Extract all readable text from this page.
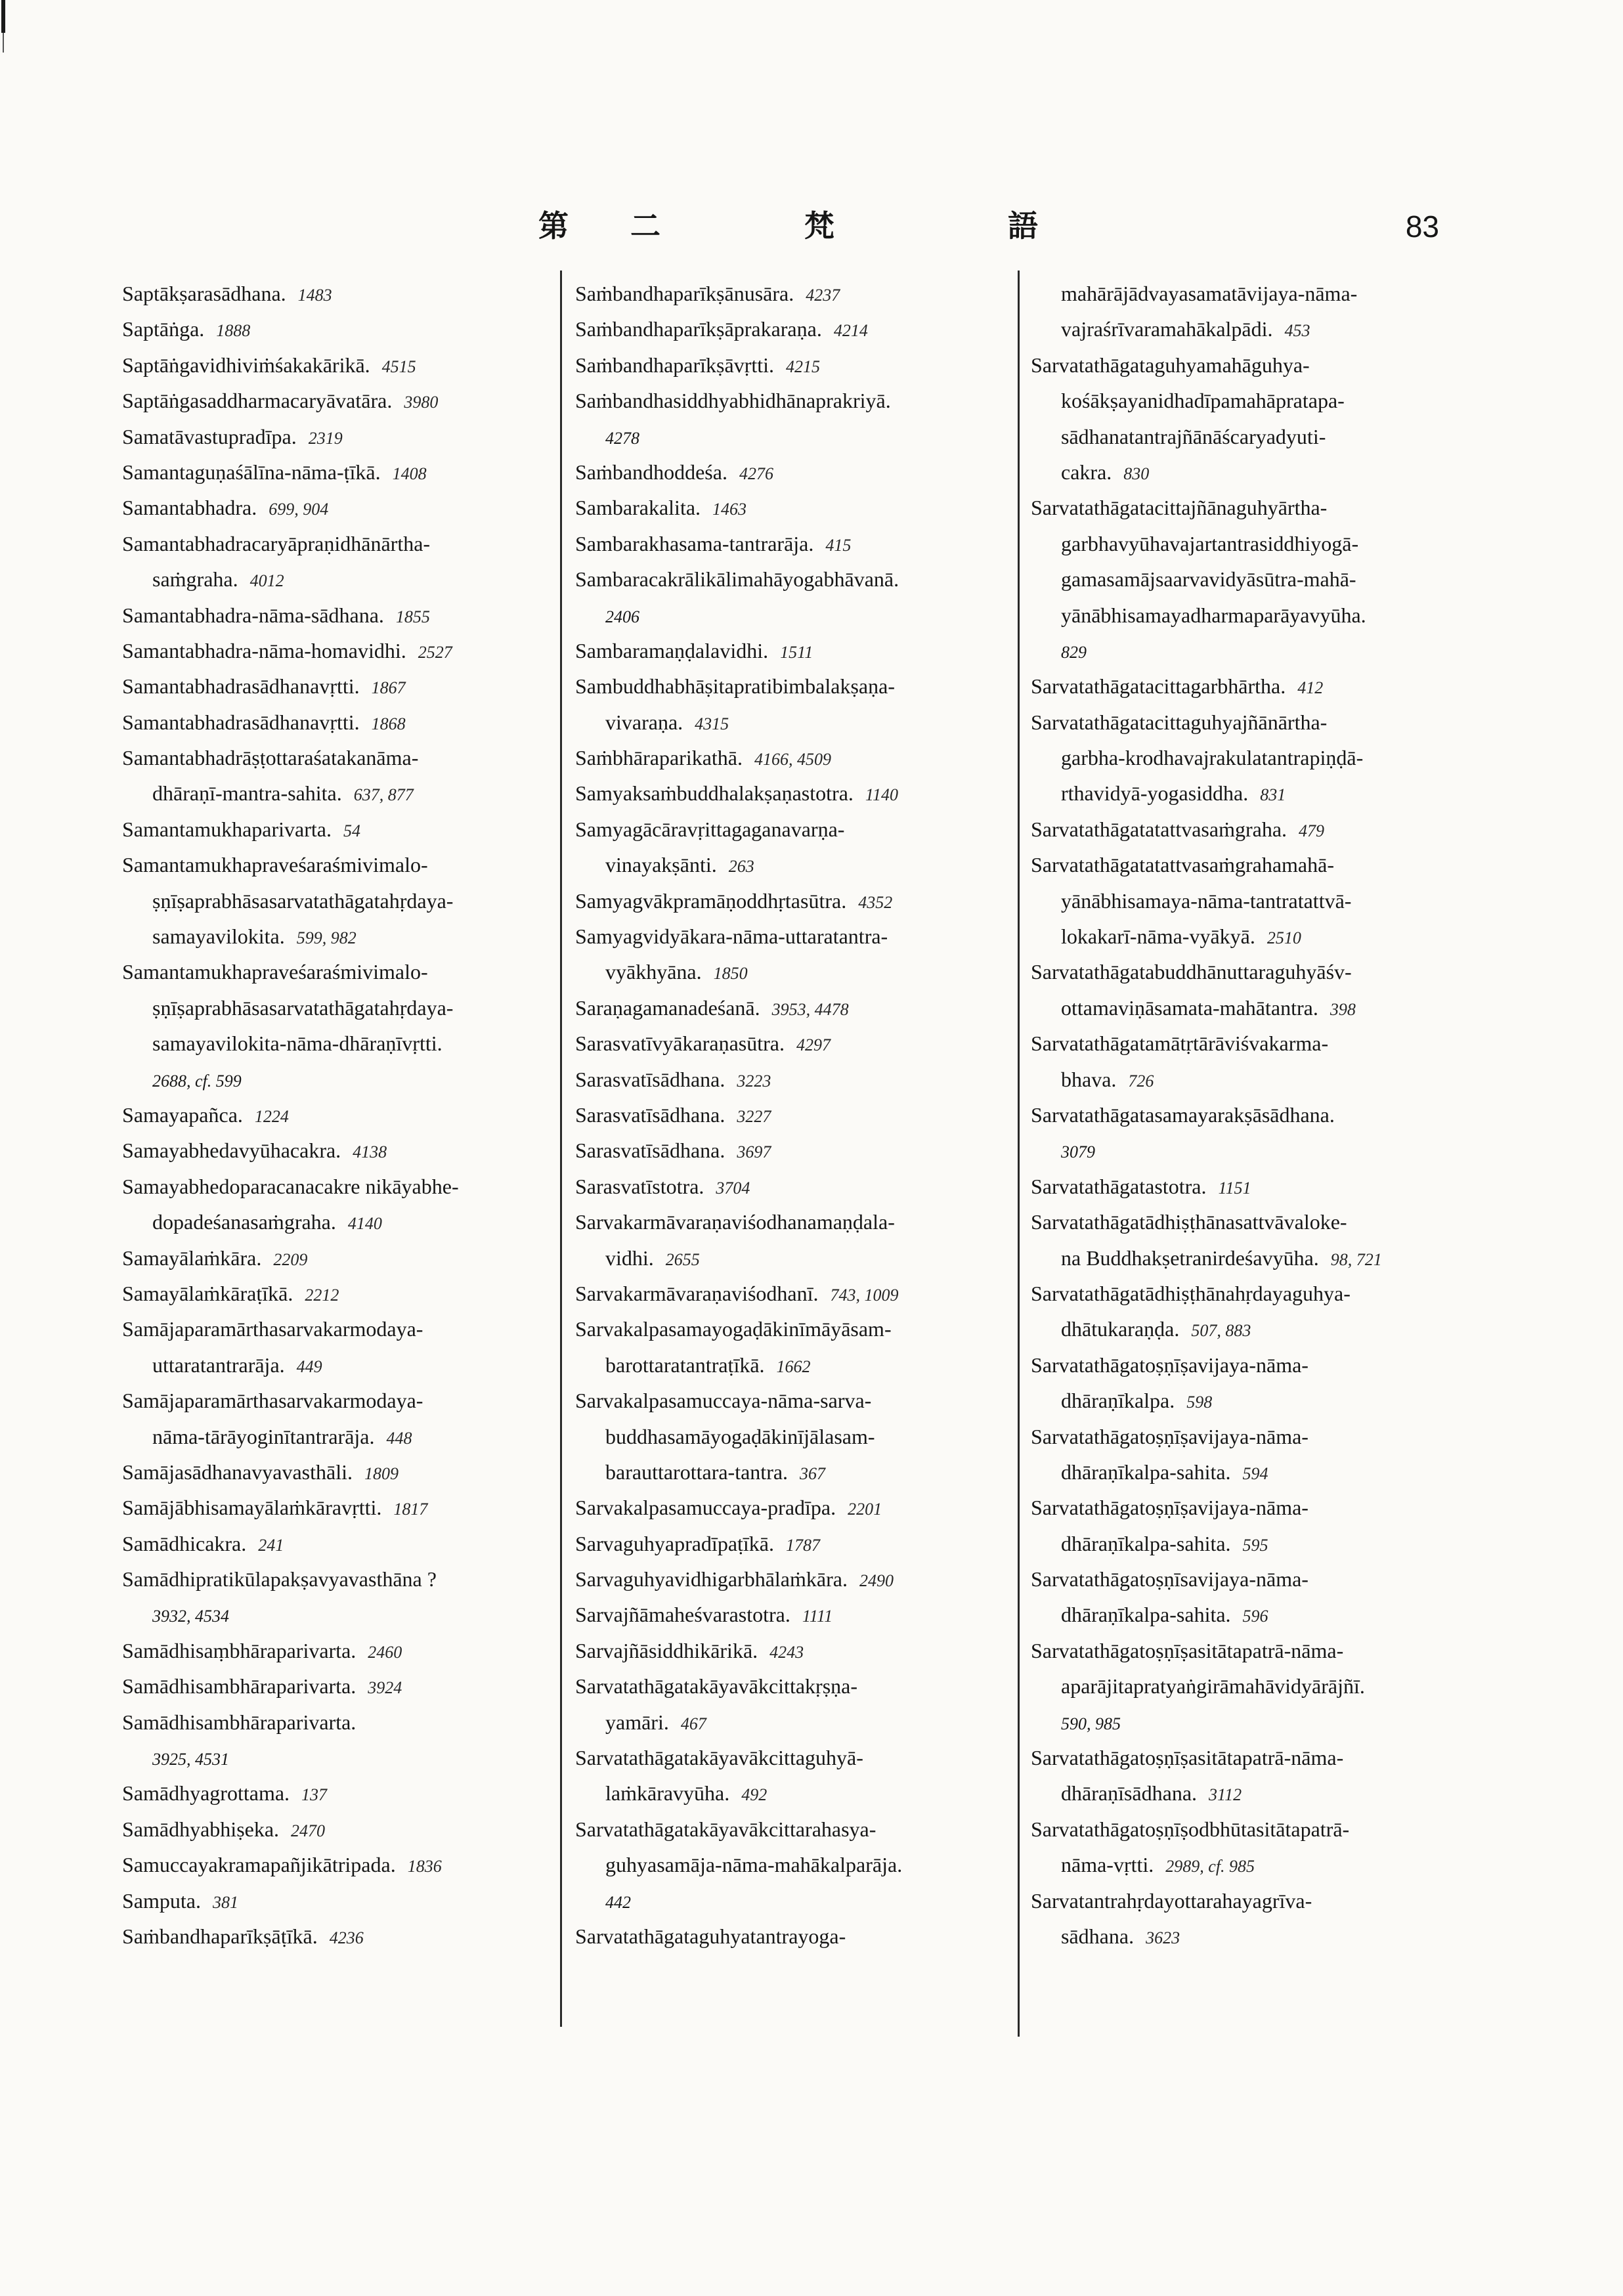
第 二	梵	語	83
Saptākṣarasādhana. 1483
Saptāṅga. 1888
Saptāṅgavidhiviṁśakakārikā. 4515
Saptāṅgasaddharmacaryāvatāra. 3980
Samatāvastupradīpa. 2319
Samantaguṇaśālīna-nāma-ṭīkā. 1408
Samantabhadra. 699, 904
Samantabhadracaryāpraṇidhānārtha-
saṁgraha. 4012
Samantabhadra-nāma-sādhana. 1855
Samantabhadra-nāma-homavidhi. 2527
Samantabhadrasādhanavṛtti. 1867
Samantabhadrasādhanavṛtti. 1868
Samantabhadrāṣṭottaraśatakanāma-
dhāraṇī-mantra-sahita. 637, 877
Samantamukhaparivarta. 54
Samantamukhapraveśaraśmivimalo-
ṣṇīṣaprabhāsasarvatathāgatahṛdaya-
samayavilokita. 599, 982
Samantamukhapraveśaraśmivimalo-
ṣṇīṣaprabhāsasarvatathāgatahṛdaya-
samayavilokita-nāma-dhāraṇīvṛtti.
2688, cf. 599
Samayapañca. 1224
Samayabhedavyūhacakra. 4138
Samayabhedoparacanacakre nikāyabhe-
dopadeśanasaṁgraha. 4140
Samayālaṁkāra. 2209
Samayālaṁkāraṭīkā. 2212
Samājaparamārthasarvakarmodaya-
uttaratantrarāja. 449
Samājaparamārthasarvakarmodaya-
nāma-tārāyoginītantrarāja. 448
Samājasādhanavyavasthāli. 1809
Samājābhisamayālaṁkāravṛtti. 1817
Samādhicakra. 241
Samādhipratikūlapakṣavyavasthāna ?
3932, 4534
Samādhisaṃbhāraparivarta. 2460
Samādhisambhāraparivarta. 3924
Samādhisambhāraparivarta.
3925, 4531
Samādhyagrottama. 137
Samādhyabhiṣeka. 2470
Samuccayakramapañjikātripada. 1836
Samputa. 381
Saṁbandhaparīkṣāṭīkā. 4236
Saṁbandhaparīkṣānusāra. 4237
Saṁbandhaparīkṣāprakaraṇa. 4214
Saṁbandhaparīkṣāvṛtti. 4215
Saṁbandhasiddhyabhidhānaprakriyā.
4278
Saṁbandhoddeśa. 4276
Sambarakalita. 1463
Sambarakhasama-tantrarāja. 415
Sambaracakrālikālimahāyogabhāvanā.
2406
Sambaramaṇḍalavidhi. 1511
Sambuddhabhāṣitapratibimbalakṣaṇa-
vivaraṇa. 4315
Saṁbhāraparikathā. 4166, 4509
Samyaksaṁbuddhalakṣaṇastotra. 1140
Samyagācāravṛittagaganavarṇa-
vinayakṣānti. 263
Samyagvākpramāṇoddhṛtasūtra. 4352
Samyagvidyākara-nāma-uttaratantra-
vyākhyāna. 1850
Saraṇagamanadeśanā. 3953, 4478
Sarasvatīvyākaraṇasūtra. 4297
Sarasvatīsādhana. 3223
Sarasvatīsādhana. 3227
Sarasvatīsādhana. 3697
Sarasvatīstotra. 3704
Sarvakarmāvaraṇaviśodhanamaṇḍala-
vidhi. 2655
Sarvakarmāvaraṇaviśodhanī. 743, 1009
Sarvakalpasamayogaḍākinīmāyāsam-
barottaratantraṭīkā. 1662
Sarvakalpasamuccaya-nāma-sarva-
buddhasamāyogaḍākinījālasam-
barauttarottara-tantra. 367
Sarvakalpasamuccaya-pradīpa. 2201
Sarvaguhyapradīpaṭīkā. 1787
Sarvaguhyavidhigarbhālaṁkāra. 2490
Sarvajñāmaheśvarastotra. 1111
Sarvajñāsiddhikārikā. 4243
Sarvatathāgatakāyavākcittakṛṣṇa-
yamāri. 467
Sarvatathāgatakāyavākcittaguhyā-
laṁkāravyūha. 492
Sarvatathāgatakāyavākcittarahasya-
guhyasamāja-nāma-mahākalparāja.
442
Sarvatathāgataguhyatantrayoga-
mahārājādvayasamatāvijaya-nāma-
vajraśrīvaramahākalpādi. 453
Sarvatathāgataguhyamahāguhya-
kośākṣayanidhadīpamahāpratapa-
sādhanatantrajñānāścaryadyuti-
cakra. 830
Sarvatathāgatacittajñānaguhyārtha-
garbhavyūhavajartantrasiddhiyogā-
gamasamājsaarvavidyāsūtra-mahā-
yānābhisamayadharmaparāyavyūha.
829
Sarvatathāgatacittagarbhārtha. 412
Sarvatathāgatacittaguhyajñānārtha-
garbha-krodhavajrakulatantrapiṇḍā-
rthavidyā-yogasiddha. 831
Sarvatathāgatatattvasaṁgraha. 479
Sarvatathāgatatattvasaṁgrahamahā-
yānābhisamaya-nāma-tantratattvā-
lokakarī-nāma-vyākyā. 2510
Sarvatathāgatabuddhānuttaraguhyāśv-
ottamaviṇāsamata-mahātantra. 398
Sarvatathāgatamātṛtārāviśvakarma-
bhava. 726
Sarvatathāgatasamayarakṣāsādhana.
3079
Sarvatathāgatastotra. 1151
Sarvatathāgatādhiṣṭhānasattvāvaloke-
na Buddhakṣetranirdeśavyūha. 98, 721
Sarvatathāgatādhiṣṭhānahṛdayaguhya-
dhātukaraṇḍa. 507, 883
Sarvatathāgatoṣṇīṣavijaya-nāma-
dhāraṇīkalpa. 598
Sarvatathāgatoṣṇīṣavijaya-nāma-
dhāraṇīkalpa-sahita. 594
Sarvatathāgatoṣṇīṣavijaya-nāma-
dhāraṇīkalpa-sahita. 595
Sarvatathāgatoṣṇīsavijaya-nāma-
dhāraṇīkalpa-sahita. 596
Sarvatathāgatoṣṇīṣasitātapatrā-nāma-
aparājitapratyaṅgirāmahāvidyārājñī.
590, 985
Sarvatathāgatoṣṇīṣasitātapatrā-nāma-
dhāraṇīsādhana. 3112
Sarvatathāgatoṣṇīṣodbhūtasitātapatrā-
nāma-vṛtti. 2989, cf. 985
Sarvatantrahṛdayottarahayagrīva-
sādhana. 3623
